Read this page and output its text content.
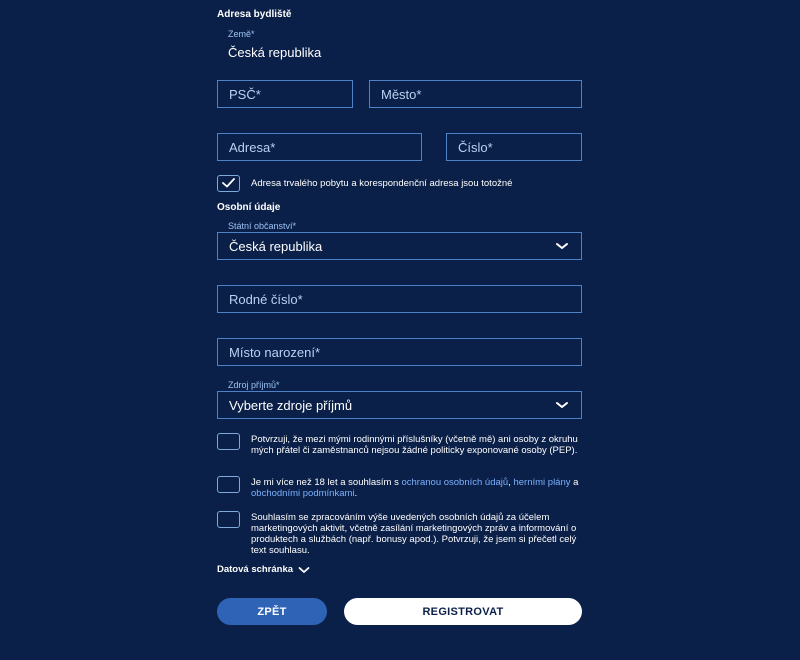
Adresa bydliště
Země*
Česká republika
PSČ*	Město*
Adresa*	Číslo*
Adresa trvalého pobytu a korespondenční adresa jsou totožné
Osobní údaje
Státní občanství*
Česká republika
Rodné číslo*
Místo narození*
Zdroj příjmů*
Vyberte zdroje příjmů
Potvrzuji, že mezi mými rodinnými příslušníky (včetně mě) ani osoby z okruhu mých přátel či zaměstnanců nejsou žádné politicky exponované osoby (PEP).
Je mi více než 18 let a souhlasím s ochranou osobních údajů, herními plány a obchodními podmínkami.
Souhlasím se zpracováním výše uvedených osobních údajů za účelem marketingových aktivit, včetně zasílání marketingových zpráv a informování o produktech a službách (např. bonusy apod.). Potvrzuji, že jsem si přečetl celý text souhlasu.
Datová schránka
ZPĚT	REGISTROVAT
